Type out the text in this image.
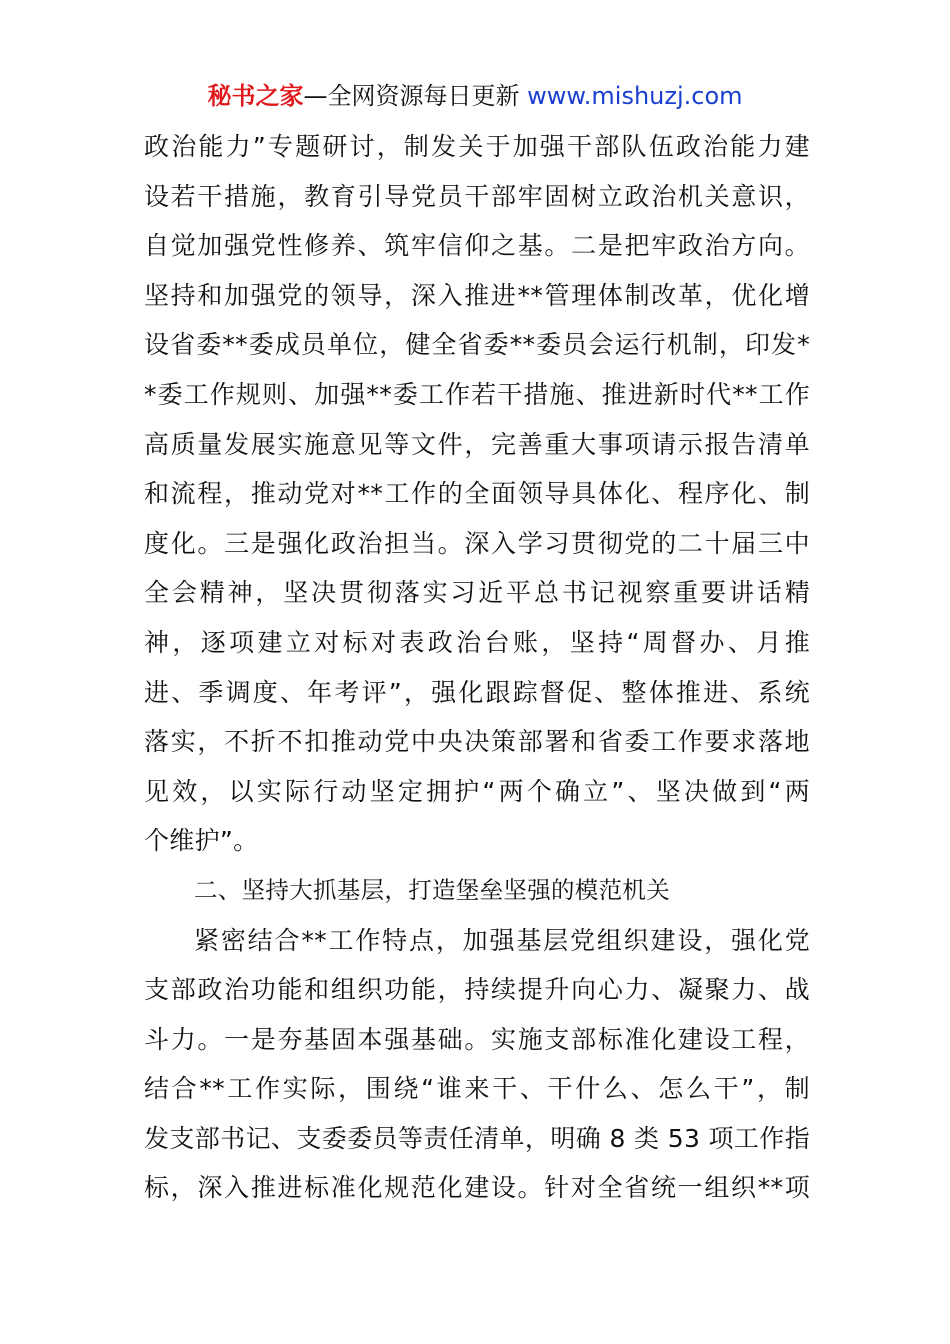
秘书之家—全网资源每日更新 www.mishuzj.com
政治能力”专题研讨，制发关于加强干部队伍政治能力建
设若干措施，教育引导党员干部牢固树立政治机关意识，
自觉加强党性修养、筑牢信仰之基。二是把牢政治方向。
坚持和加强党的领导，深入推进**管理体制改革，优化增
设省委**委成员单位，健全省委**委员会运行机制，印发*
*委工作规则、加强**委工作若干措施、推进新时代**工作
高质量发展实施意见等文件，完善重大事项请示报告清单
和流程，推动党对**工作的全面领导具体化、程序化、制
度化。三是强化政治担当。深入学习贯彻党的二十届三中
全会精神，坚决贯彻落实习近平总书记视察重要讲话精
神，逐项建立对标对表政治台账，坚持“周督办、月推
进、季调度、年考评”，强化跟踪督促、整体推进、系统
落实，不折不扣推动党中央决策部署和省委工作要求落地
见效，以实际行动坚定拥护“两个确立”、坚决做到“两
个维护”。
二、坚持大抓基层，打造堡垒坚强的模范机关
紧密结合**工作特点，加强基层党组织建设，强化党
支部政治功能和组织功能，持续提升向心力、凝聚力、战
斗力。一是夯基固本强基础。实施支部标准化建设工程，
结合**工作实际，围绕“谁来干、干什么、怎么干”，制
发支部书记、支委委员等责任清单，明确 8 类 53 项工作指
标，深入推进标准化规范化建设。针对全省统一组织**项
